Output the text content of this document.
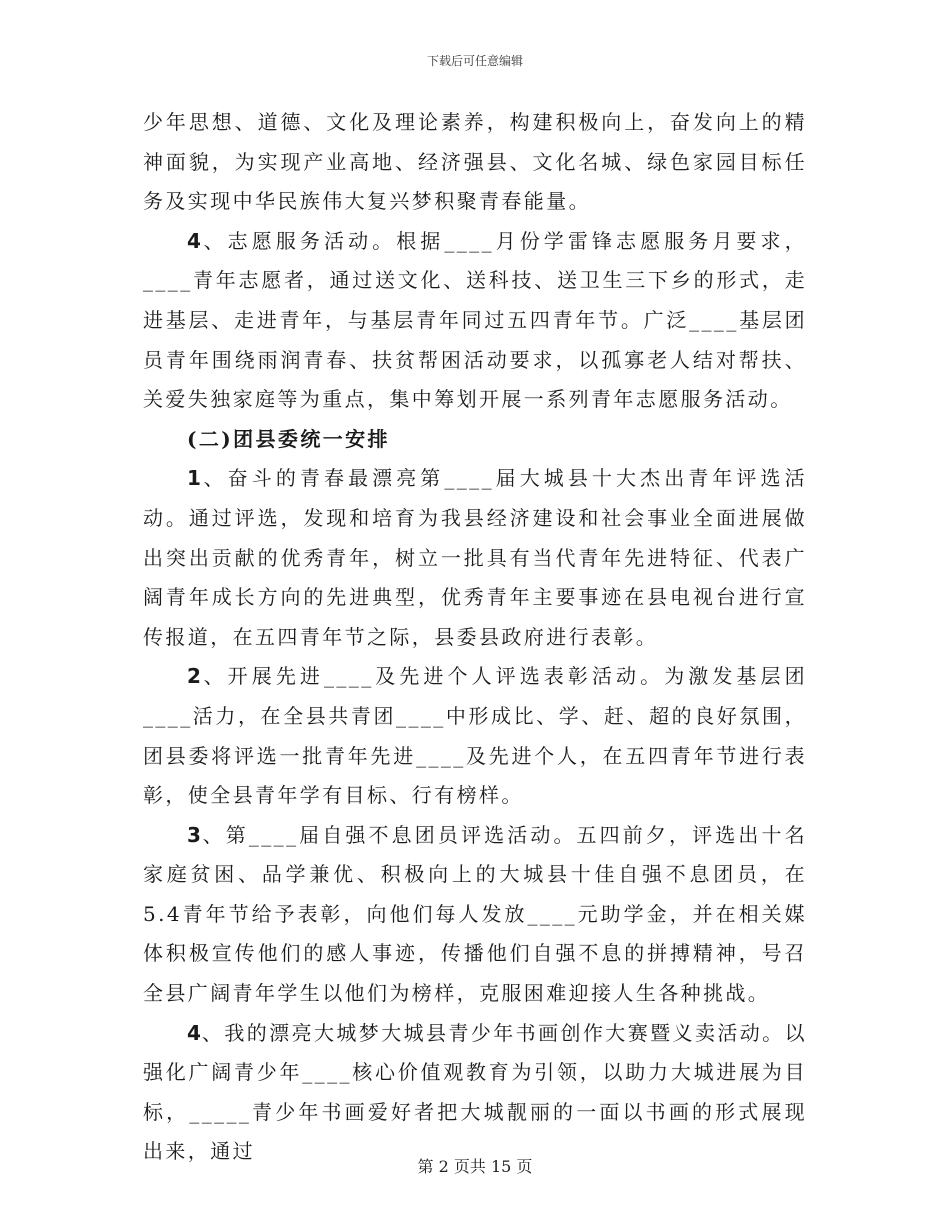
下载后可任意编辑

少年思想、道德、文化及理论素养，构建积极向上，奋发向上的精神面貌，为实现产业高地、经济强县、文化名城、绿色家园目标任务及实现中华民族伟大复兴梦积聚青春能量。

4、志愿服务活动。根据____月份学雷锋志愿服务月要求，____青年志愿者，通过送文化、送科技、送卫生三下乡的形式，走进基层、走进青年，与基层青年同过五四青年节。广泛____基层团员青年围绕雨润青春、扶贫帮困活动要求，以孤寡老人结对帮扶、关爱失独家庭等为重点，集中筹划开展一系列青年志愿服务活动。

(二)团县委统一安排

1、奋斗的青春最漂亮第____届大城县十大杰出青年评选活动。通过评选，发现和培育为我县经济建设和社会事业全面进展做出突出贡献的优秀青年，树立一批具有当代青年先进特征、代表广阔青年成长方向的先进典型，优秀青年主要事迹在县电视台进行宣传报道，在五四青年节之际，县委县政府进行表彰。

2、开展先进____及先进个人评选表彰活动。为激发基层团____活力，在全县共青团____中形成比、学、赶、超的良好氛围，团县委将评选一批青年先进____及先进个人，在五四青年节进行表彰，使全县青年学有目标、行有榜样。

3、第____届自强不息团员评选活动。五四前夕，评选出十名家庭贫困、品学兼优、积极向上的大城县十佳自强不息团员，在5.4青年节给予表彰，向他们每人发放____元助学金，并在相关媒体积极宣传他们的感人事迹，传播他们自强不息的拼搏精神，号召全县广阔青年学生以他们为榜样，克服困难迎接人生各种挑战。

4、我的漂亮大城梦大城县青少年书画创作大赛暨义卖活动。以强化广阔青少年____核心价值观教育为引领，以助力大城进展为目标，_____青少年书画爱好者把大城靓丽的一面以书画的形式展现出来，通过

第 2 页共 15 页
